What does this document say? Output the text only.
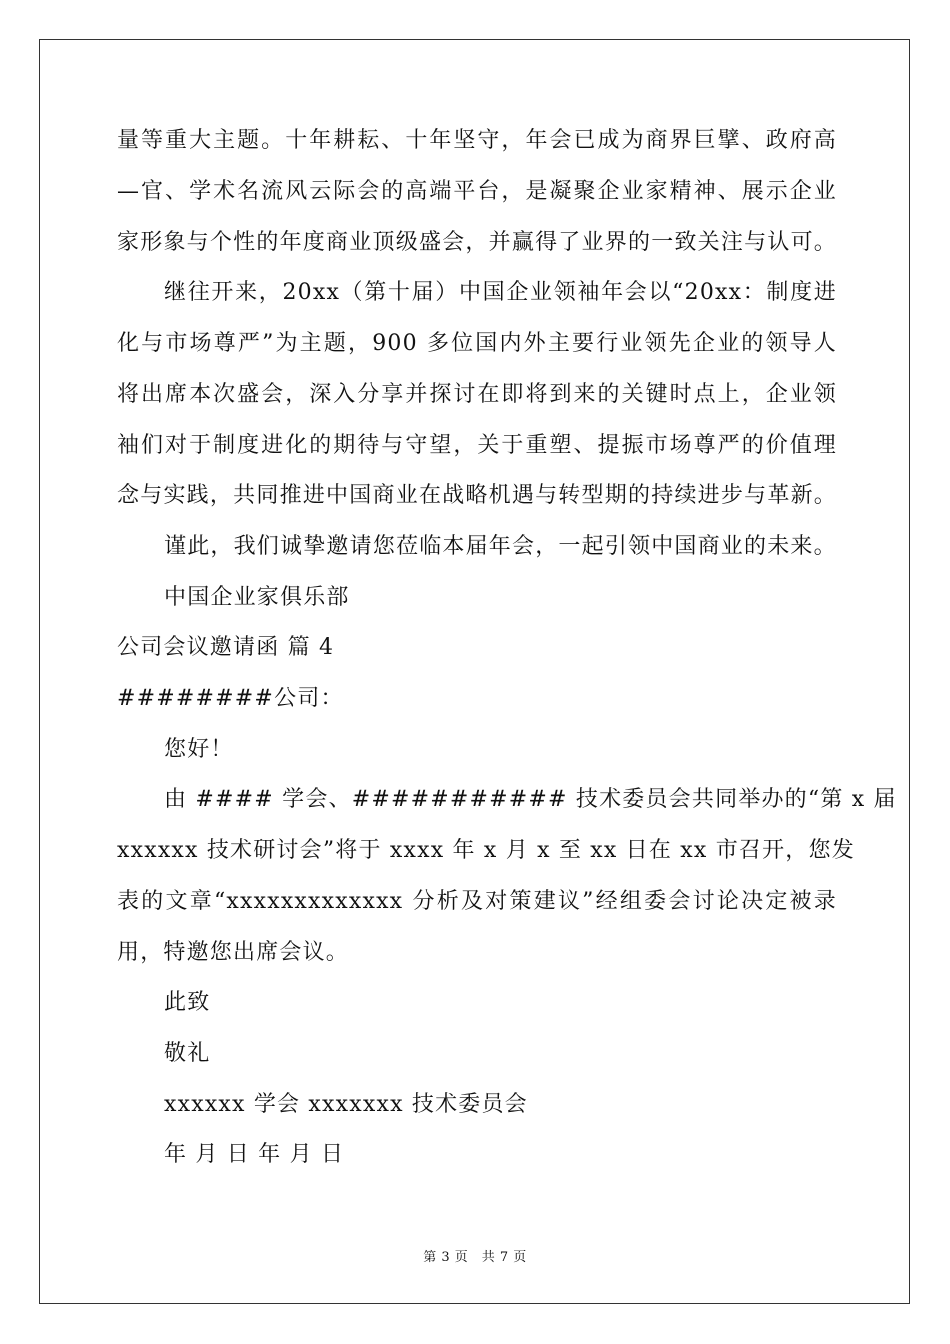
量等重大主题。十年耕耘、十年坚守，年会已成为商界巨擘、政府高
—官、学术名流风云际会的高端平台，是凝聚企业家精神、展示企业
家形象与个性的年度商业顶级盛会，并赢得了业界的一致关注与认可。
继往开来，20xx（第十届）中国企业领袖年会以“20xx：制度进
化与市场尊严”为主题，900 多位国内外主要行业领先企业的领导人
将出席本次盛会，深入分享并探讨在即将到来的关键时点上，企业领
袖们对于制度进化的期待与守望，关于重塑、提振市场尊严的价值理
念与实践，共同推进中国商业在战略机遇与转型期的持续进步与革新。
谨此，我们诚挚邀请您莅临本届年会，一起引领中国商业的未来。
中国企业家俱乐部
公司会议邀请函 篇 4
########公司：
您好！
由 #### 学会、########### 技术委员会共同举办的“第 x 届
xxxxxx 技术研讨会”将于 xxxx 年 x 月 x 至 xx 日在 xx 市召开，您发
表的文章“xxxxxxxxxxxxx 分析及对策建议”经组委会讨论决定被录
用，特邀您出席会议。
此致
敬礼
xxxxxx 学会 xxxxxxx 技术委员会
年 月 日 年 月 日
第 3 页　共 7 页
